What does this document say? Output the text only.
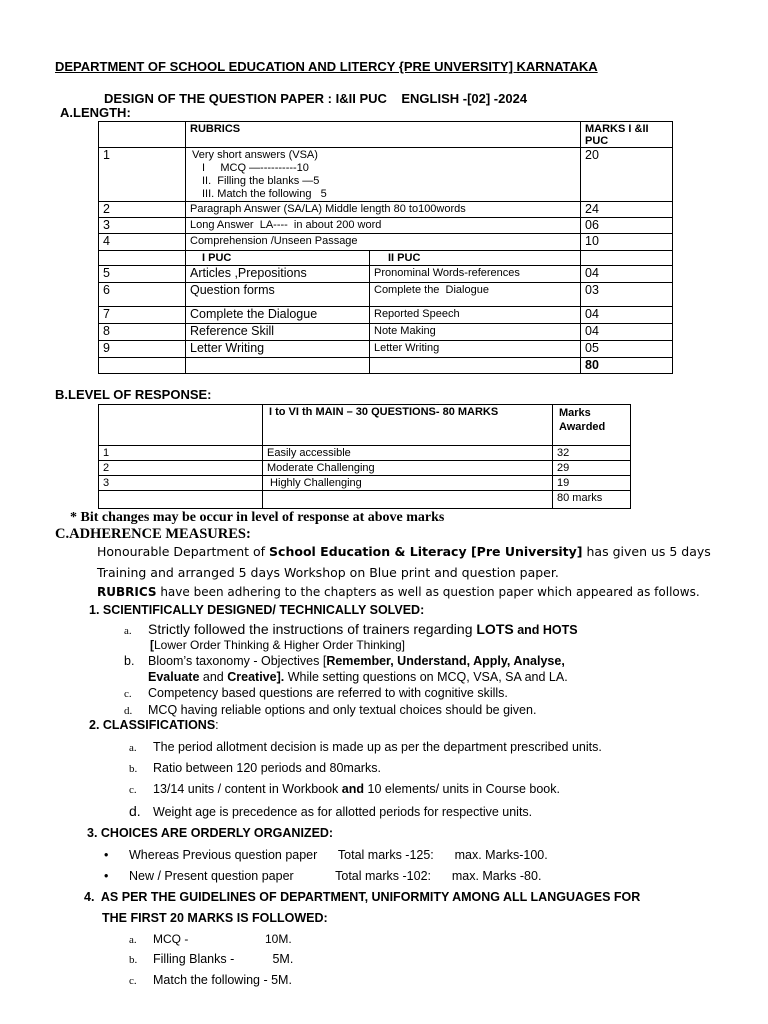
DEPARTMENT OF SCHOOL EDUCATION AND LITERCY {PRE UNVERSITY] KARNATAKA
DESIGN OF THE QUESTION PAPER : I&II PUC    ENGLISH -[02] -2024
A.LENGTH:
	RUBRICS		MARKS I &II PUC
1	Very short answers (VSA)
I     MCQ —----------10
II.  Filling the blanks —5
III. Match the following   5		20
2	Paragraph Answer (SA/LA) Middle length 80 to100words		24
3	Long Answer  LA----  in about 200 word		06
4	Comprehension /Unseen Passage		10
	I PUC	II PUC	
5	Articles ,Prepositions	Pronominal Words-references	04
6	Question forms	Complete the  Dialogue	03
7	Complete the Dialogue	Reported Speech	04
8	Reference Skill	Note Making	04
9	Letter Writing	Letter Writing	05
			80
B.LEVEL OF RESPONSE:
	I to VI th MAIN – 30 QUESTIONS- 80 MARKS	Marks Awarded
1	Easily accessible	32
2	Moderate Challenging	29
3	Highly Challenging	19
		80 marks
* Bit changes may be occur in level of response at above marks
C.ADHERENCE MEASURES:
Honourable Department of School Education & Literacy [Pre University] has given us 5 days
Training and arranged 5 days Workshop on Blue print and question paper.
RUBRICS have been adhering to the chapters as well as question paper which appeared as follows.
1. SCIENTIFICALLY DESIGNED/ TECHNICALLY SOLVED:
a. Strictly followed the instructions of trainers regarding LOTS and HOTS
[Lower Order Thinking & Higher Order Thinking]
b. Bloom’s taxonomy - Objectives [Remember, Understand, Apply, Analyse,
Evaluate and Creative]. While setting questions on MCQ, VSA, SA and LA.
c. Competency based questions are referred to with cognitive skills.
d. MCQ having reliable options and only textual choices should be given.
2. CLASSIFICATIONS:
a. The period allotment decision is made up as per the department prescribed units.
b. Ratio between 120 periods and 80marks.
c. 13/14 units / content in Workbook and 10 elements/ units in Course book.
d. Weight age is precedence as for allotted periods for respective units.
3. CHOICES ARE ORDERLY ORGANIZED:
• Whereas Previous question paper      Total marks -125:      max. Marks-100.
• New / Present question paper            Total marks -102:      max. Marks -80.
4.  AS PER THE GUIDELINES OF DEPARTMENT, UNIFORMITY AMONG ALL LANGUAGES FOR
THE FIRST 20 MARKS IS FOLLOWED:
a. MCQ -                       10M.
b. Filling Blanks -           5M.
c. Match the following - 5M.
